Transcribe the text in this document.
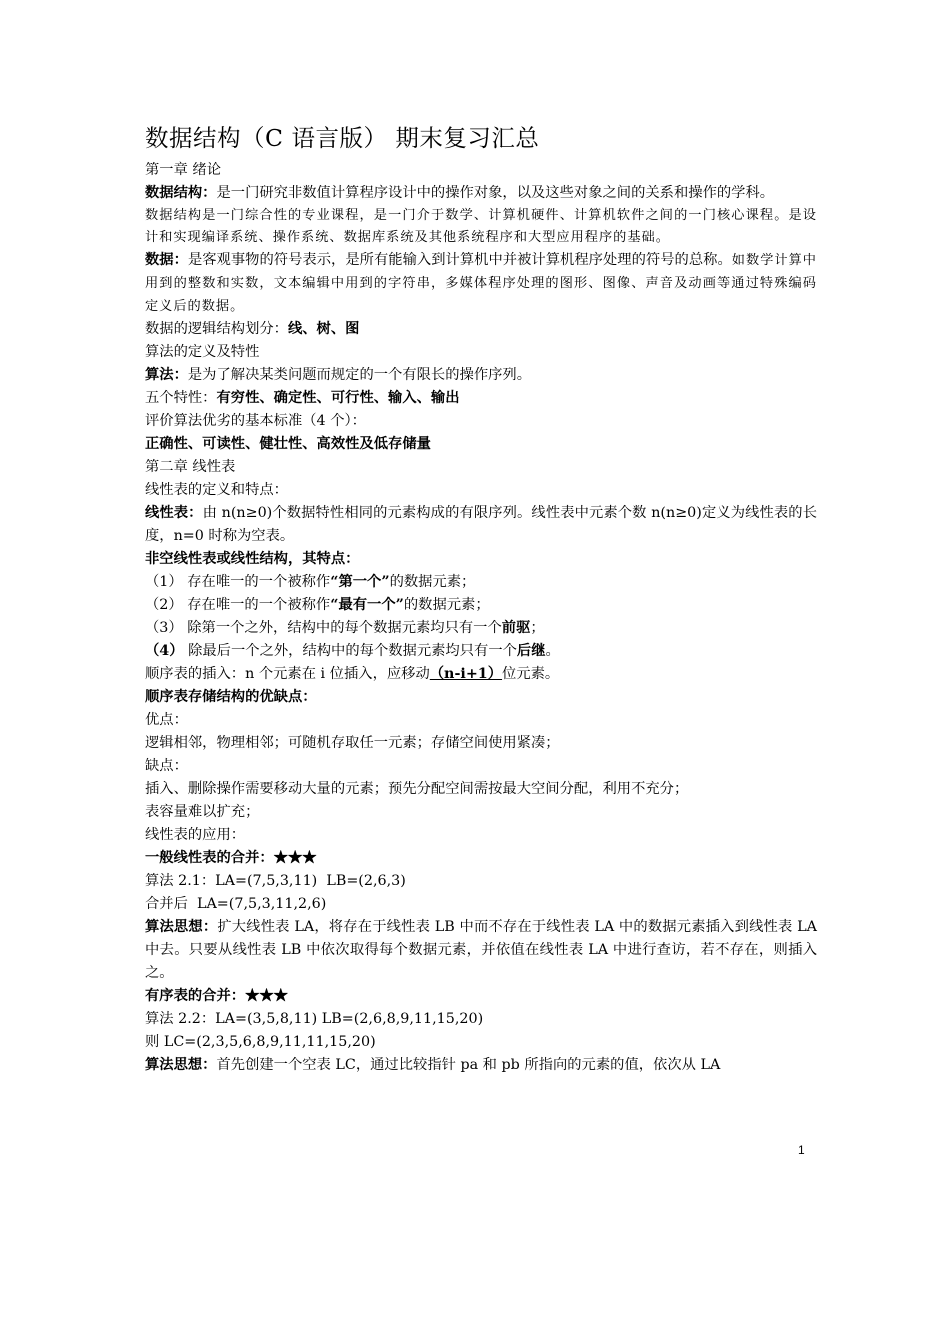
数据结构（C 语言版） 期末复习汇总

第一章 绪论

数据结构：是一门研究非数值计算程序设计中的操作对象，以及这些对象之间的关系和操作的学科。

数据结构是一门综合性的专业课程，是一门介于数学、计算机硬件、计算机软件之间的一门核心课程。是设计和实现编译系统、操作系统、数据库系统及其他系统程序和大型应用程序的基础。

数据：是客观事物的符号表示，是所有能输入到计算机中并被计算机程序处理的符号的总称。如数学计算中用到的整数和实数，文本编辑中用到的字符串，多媒体程序处理的图形、图像、声音及动画等通过特殊编码定义后的数据。

数据的逻辑结构划分：线、树、图

算法的定义及特性

算法：是为了解决某类问题而规定的一个有限长的操作序列。

五个特性：有穷性、确定性、可行性、输入、输出

评价算法优劣的基本标准（4 个）：

正确性、可读性、健壮性、高效性及低存储量

第二章 线性表

线性表的定义和特点：

线性表：由 n(n≥0)个数据特性相同的元素构成的有限序列。线性表中元素个数 n(n≥0)定义为线性表的长度，n=0 时称为空表。

非空线性表或线性结构，其特点：

（1） 存在唯一的一个被称作“第一个”的数据元素；

（2） 存在唯一的一个被称作“最有一个”的数据元素；

（3） 除第一个之外，结构中的每个数据元素均只有一个前驱；

（4） 除最后一个之外，结构中的每个数据元素均只有一个后继。

顺序表的插入：n 个元素在 i 位插入，应移动（n-i+1）位元素。

顺序表存储结构的优缺点：

优点：

逻辑相邻，物理相邻；可随机存取任一元素；存储空间使用紧凑；

缺点：

插入、删除操作需要移动大量的元素；预先分配空间需按最大空间分配，利用不充分；

表容量难以扩充；

线性表的应用：

一般线性表的合并：★★★

算法 2.1：LA=(7,5,3,11)  LB=(2,6,3)

合并后  LA=(7,5,3,11,2,6)

算法思想：扩大线性表 LA，将存在于线性表 LB 中而不存在于线性表 LA 中的数据元素插入到线性表 LA 中去。只要从线性表 LB 中依次取得每个数据元素，并依值在线性表 LA 中进行查访，若不存在，则插入之。

有序表的合并：★★★

算法 2.2：LA=(3,5,8,11) LB=(2,6,8,9,11,15,20)

则 LC=(2,3,5,6,8,9,11,11,15,20)

算法思想：首先创建一个空表 LC，通过比较指针 pa 和 pb 所指向的元素的值，依次从 LA

1
